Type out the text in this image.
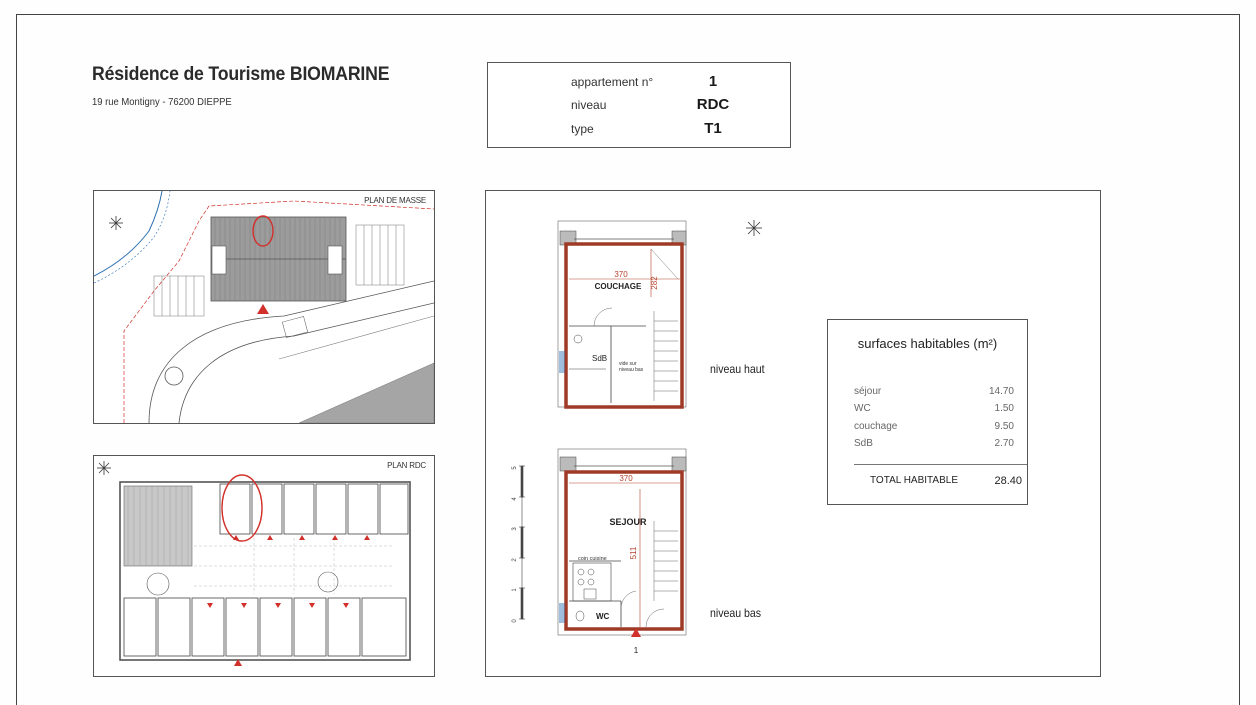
Résidence de Tourisme BIOMARINE
19 rue Montigny - 76200 DIEPPE
appartement n°	1
niveau	RDC
type	T1
PLAN DE MASSE
PLAN RDC
370
282
COUCHAGE
SdB
vide sur
niveau bas
370
511
SEJOUR
coin cuisine
WC
1
0
1
2
3
4
5
niveau haut
niveau bas
surfaces habitables (m²)
séjour	14.70
WC	1.50
couchage	9.50
SdB	2.70
TOTAL HABITABLE	28.40
